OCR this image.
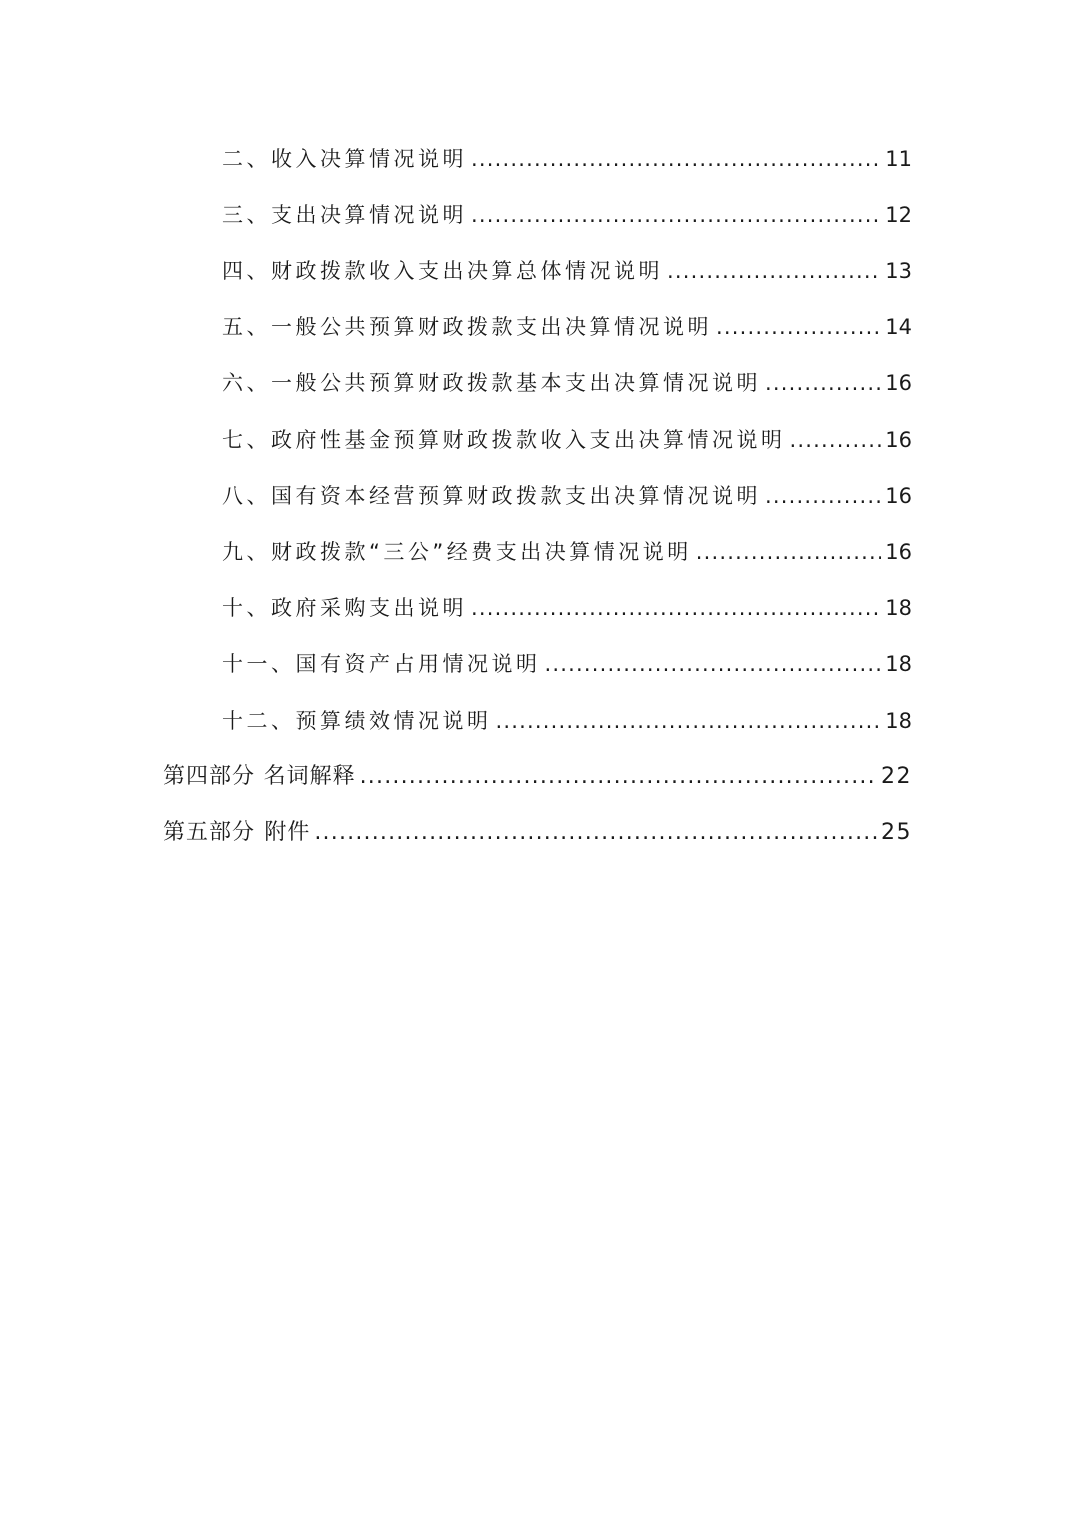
二、收入决算情况说明 .....	11
三、支出决算情况说明 .....	12
四、财政拨款收入支出决算总体情况说明 .....	13
五、一般公共预算财政拨款支出决算情况说明 .....	14
六、一般公共预算财政拨款基本支出决算情况说明 .....	16
七、政府性基金预算财政拨款收入支出决算情况说明 .....	16
八、国有资本经营预算财政拨款支出决算情况说明 .....	16
九、财政拨款“三公”经费支出决算情况说明 .....	16
十、政府采购支出说明 .....	18
十一、国有资产占用情况说明 .....	18
十二、预算绩效情况说明 .....	18
第四部分 名词解释 .....	22
第五部分 附件 .....	25
